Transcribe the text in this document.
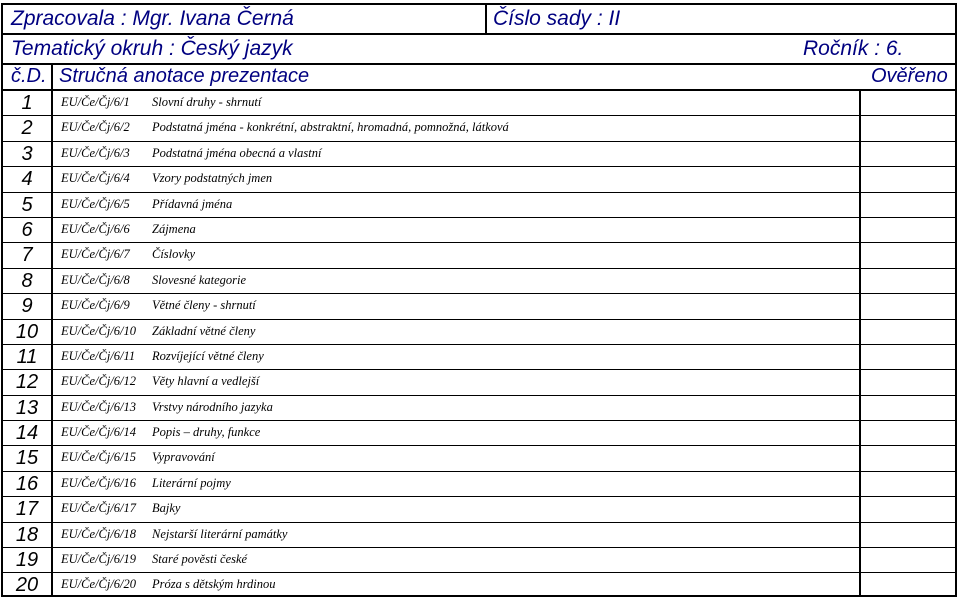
Zpracovala : Mgr. Ivana Černá	Číslo sady : II
Tematický okruh : Český jazyk	Ročník : 6.
č.D. Stručná anotace prezentace	Ověřeno
1	EU/Če/Čj/6/1 Slovní druhy - shrnutí
2	EU/Če/Čj/6/2 Podstatná jména - konkrétní, abstraktní, hromadná, pomnožná, látková
3	EU/Če/Čj/6/3 Podstatná jména obecná a vlastní
4	EU/Če/Čj/6/4 Vzory podstatných jmen
5	EU/Če/Čj/6/5 Přídavná jména
6	EU/Če/Čj/6/6 Zájmena
7	EU/Če/Čj/6/7 Číslovky
8	EU/Če/Čj/6/8 Slovesné kategorie
9	EU/Če/Čj/6/9 Větné členy - shrnutí
10	EU/Če/Čj/6/10 Základní větné členy
11	EU/Če/Čj/6/11 Rozvíjející větné členy
12	EU/Če/Čj/6/12 Věty hlavní a vedlejší
13	EU/Če/Čj/6/13 Vrstvy národního jazyka
14	EU/Če/Čj/6/14 Popis – druhy, funkce
15	EU/Če/Čj/6/15 Vypravování
16	EU/Če/Čj/6/16 Literární pojmy
17	EU/Če/Čj/6/17 Bajky
18	EU/Če/Čj/6/18 Nejstarší literární památky
19	EU/Če/Čj/6/19 Staré pověsti české
20	EU/Če/Čj/6/20 Próza s dětským hrdinou
